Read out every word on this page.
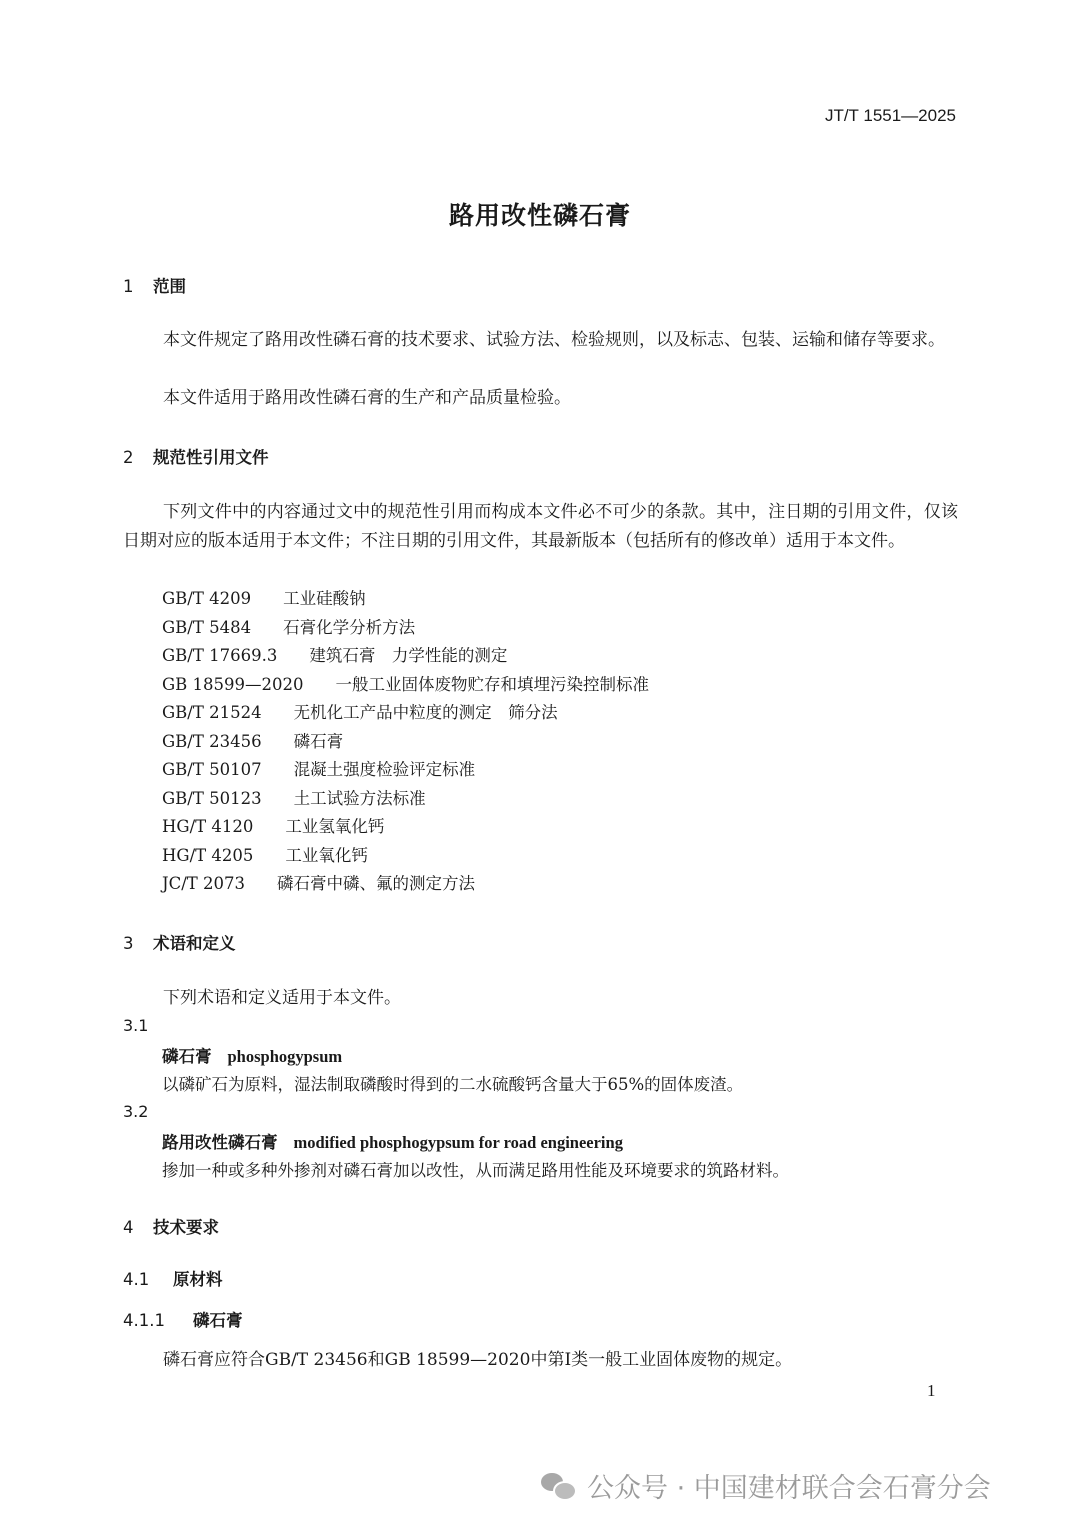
JT/T 1551—2025
路用改性磷石膏
1 范围
本文件规定了路用改性磷石膏的技术要求、试验方法、检验规则，以及标志、包装、运输和储存等要求。
本文件适用于路用改性磷石膏的生产和产品质量检验。
2 规范性引用文件
下列文件中的内容通过文中的规范性引用而构成本文件必不可少的条款。其中，注日期的引用文件，仅该日期对应的版本适用于本文件；不注日期的引用文件，其最新版本（包括所有的修改单）适用于本文件。
GB/T 4209 工业硅酸钠
GB/T 5484 石膏化学分析方法
GB/T 17669.3 建筑石膏　力学性能的测定
GB 18599—2020 一般工业固体废物贮存和填埋污染控制标准
GB/T 21524 无机化工产品中粒度的测定　筛分法
GB/T 23456 磷石膏
GB/T 50107 混凝土强度检验评定标准
GB/T 50123 土工试验方法标准
HG/T 4120 工业氢氧化钙
HG/T 4205 工业氧化钙
JC/T 2073 磷石膏中磷、氟的测定方法
3 术语和定义
下列术语和定义适用于本文件。
3.1
磷石膏 phosphogypsum
以磷矿石为原料，湿法制取磷酸时得到的二水硫酸钙含量大于65%的固体废渣。
3.2
路用改性磷石膏 modified phosphogypsum for road engineering
掺加一种或多种外掺剂对磷石膏加以改性，从而满足路用性能及环境要求的筑路材料。
4 技术要求
4.1 原材料
4.1.1 磷石膏
磷石膏应符合GB/T 23456和GB 18599—2020中第Ⅰ类一般工业固体废物的规定。
1
公众号 · 中国建材联合会石膏分会
